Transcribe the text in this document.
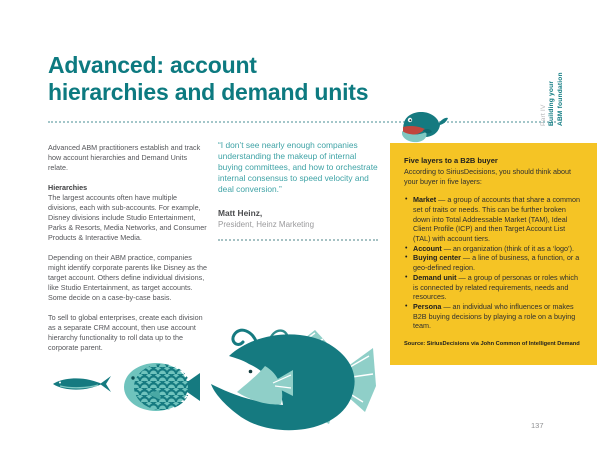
Advanced: account
hierarchies and demand units
Part IV Building your ABM foundation

Advanced ABM practitioners establish and track how account hierarchies and Demand Units relate.

Hierarchies

The largest accounts often have multiple divisions, each with sub-accounts. For example, Disney divisions include Studio Entertainment, Parks & Resorts, Media Networks, and Consumer Products & Interactive Media.

Depending on their ABM practice, companies might identify corporate parents like Disney as the target account. Others define individual divisions, like Studio Entertainment, as target accounts. Some decide on a case-by-case basis.

To sell to global enterprises, create each division as a separate CRM account, then use account hierarchy functionality to roll data up to the corporate parent.

“I don’t see nearly enough companies understanding the makeup of internal buying committees, and how to orchestrate internal consensus to speed velocity and deal conversion.”

Matt Heinz,

President, Heinz Marketing

Five layers to a B2B buyer

According to SiriusDecisions, you should think about your buyer in five layers:

• Market — a group of accounts that share a common set of traits or needs. This can be further broken down into Total Addressable Market (TAM), Ideal Client Profile (ICP) and then Target Account List (TAL) with account tiers.
• Account — an organization (think of it as a ‘logo’).
• Buying center — a line of business, a function, or a geo-defined region.
• Demand unit — a group of personas or roles which is connected by related requirements, needs and resources.
• Persona — an individual who influences or makes B2B buying decisions by playing a role on a buying team.

Source: SiriusDecisions via John Common of Intelligent Demand

137
